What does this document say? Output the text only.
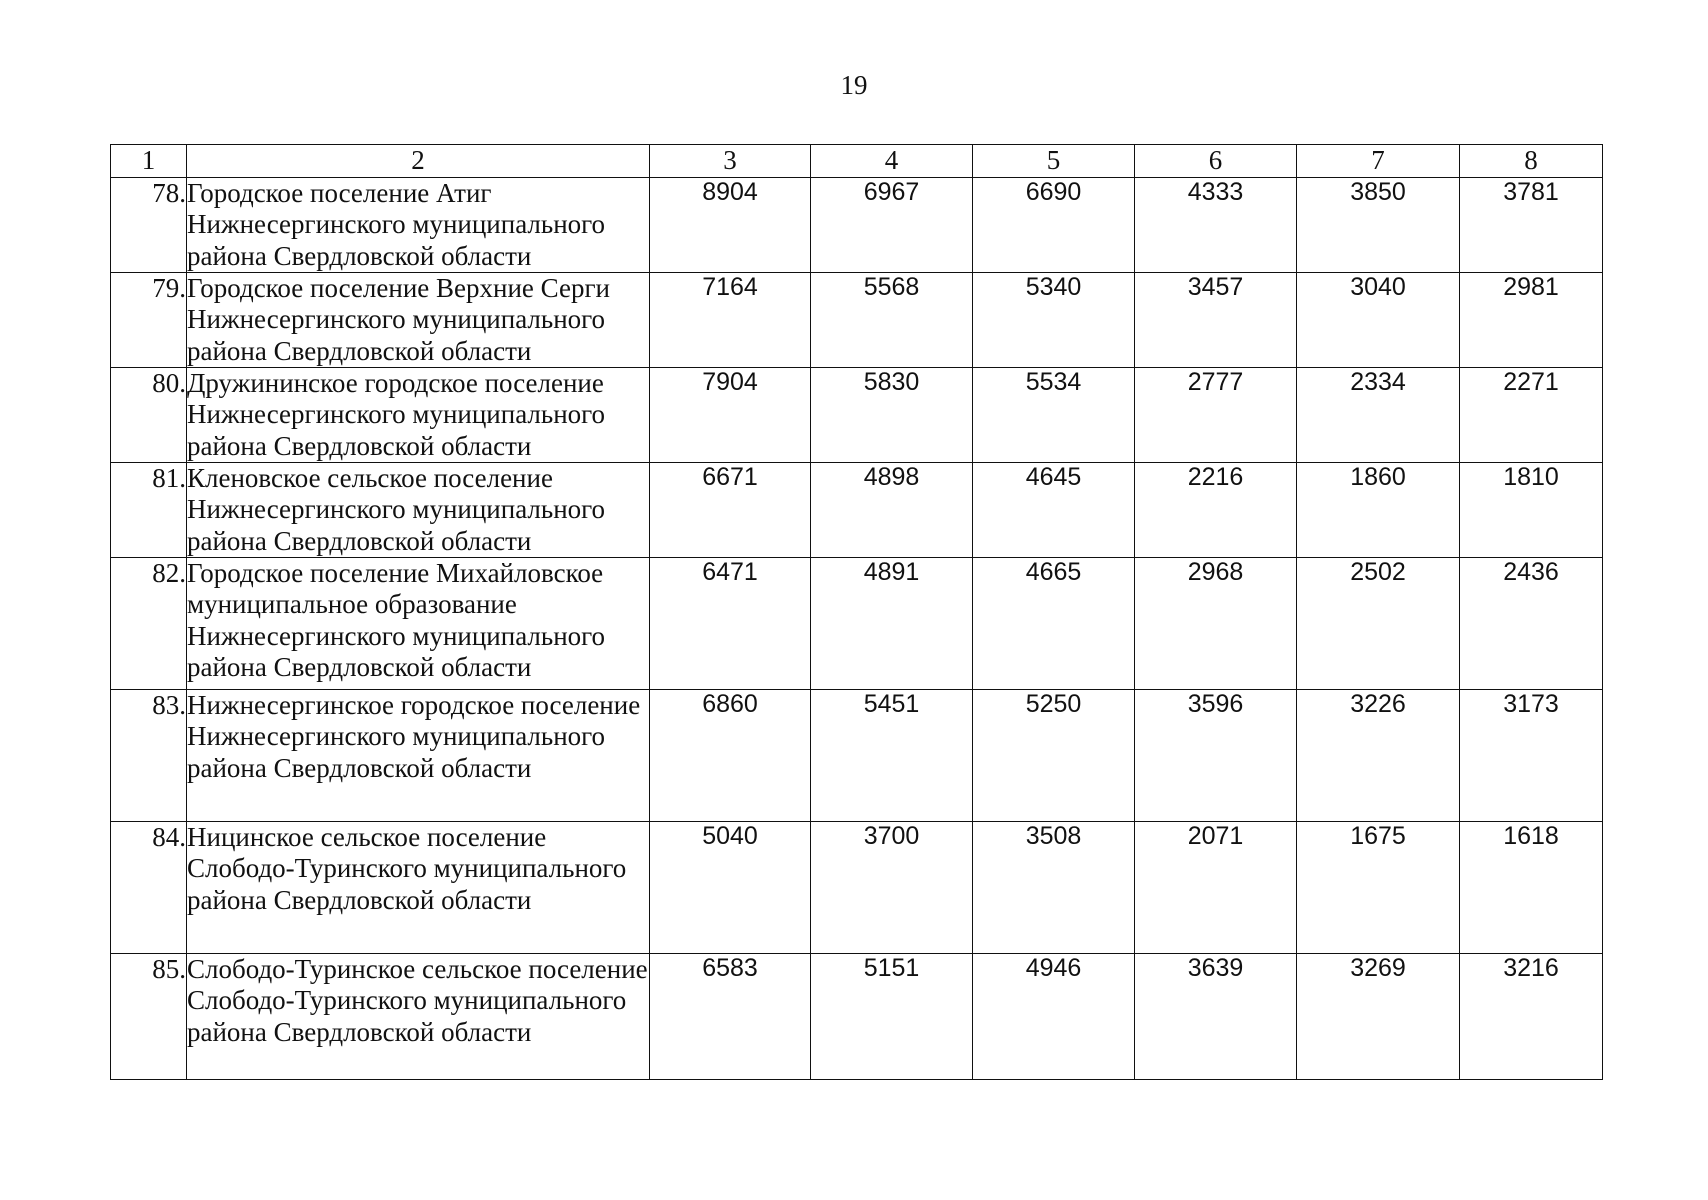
19
1	2	3	4	5	6	7	8
78.	Городское поселение Атиг Нижнесергинского муниципального района Свердловской области	8904	6967	6690	4333	3850	3781
79.	Городское поселение Верхние Серги Нижнесергинского муниципального района Свердловской области	7164	5568	5340	3457	3040	2981
80.	Дружининское городское поселение Нижнесергинского муниципального района Свердловской области	7904	5830	5534	2777	2334	2271
81.	Кленовское сельское поселение Нижнесергинского муниципального района Свердловской области	6671	4898	4645	2216	1860	1810
82.	Городское поселение Михайловское муниципальное образование Нижнесергинского муниципального района Свердловской области	6471	4891	4665	2968	2502	2436
83.	Нижнесергинское городское поселение Нижнесергинского муниципального района Свердловской области	6860	5451	5250	3596	3226	3173
84.	Ницинское сельское поселение Слободо-Туринского муниципального района Свердловской области	5040	3700	3508	2071	1675	1618
85.	Слободо-Туринское сельское поселение Слободо-Туринского муниципального района Свердловской области	6583	5151	4946	3639	3269	3216
